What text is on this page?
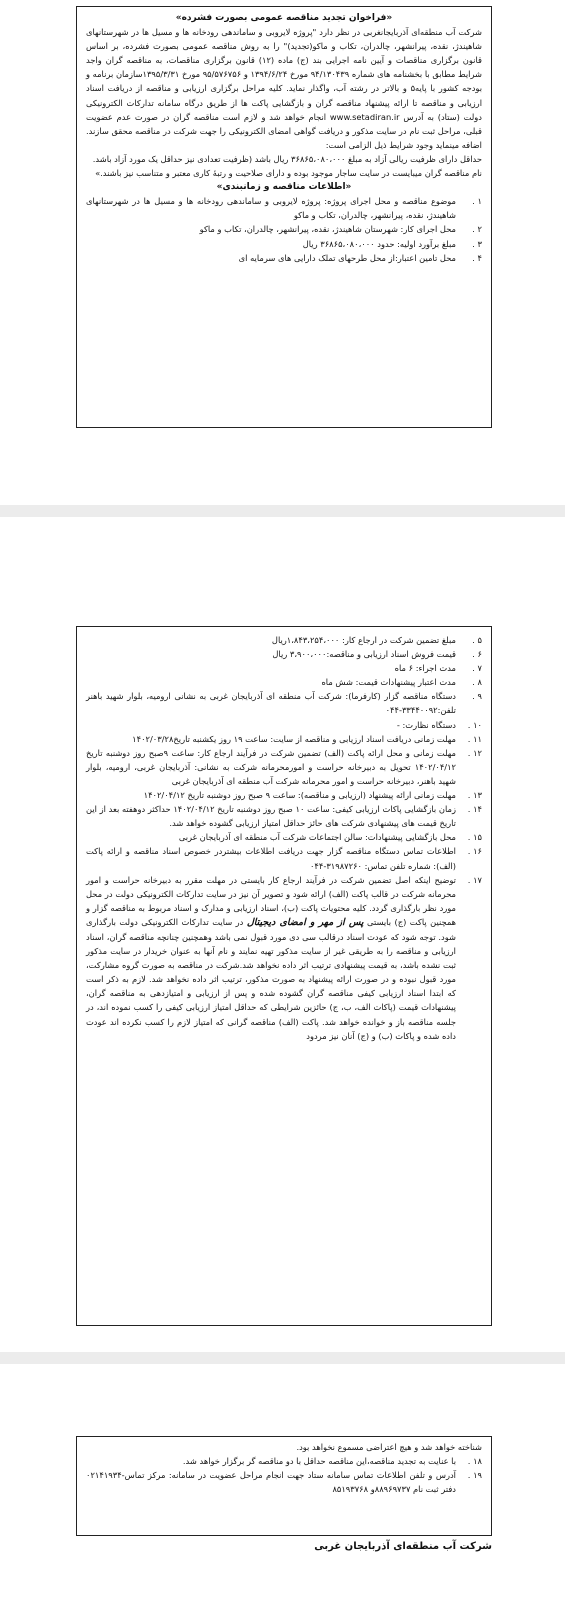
«فراخوان تجدید مناقصه عمومی بصورت فشرده»

شرکت آب منطقه‌ای آذربایجانغربی در نظر دارد "پروژه لایروبی و ساماندهی رودخانه ها و مسیل ها در شهرستانهای شاهیندژ، نقده، پیرانشهر، چالدران، تکاب و ماکو(تجدید)" را به روش مناقصه عمومی بصورت فشرده، بر اساس قانون برگزاری مناقصات و آیین نامه اجرایی بند (ج) ماده (۱۲) قانون برگزاری مناقصات، به مناقصه گران واجد شرایط مطابق با بخشنامه های شماره ۹۴/۱۳۰۴۳۹ مورخ ۱۳۹۴/۶/۲۴ و ۹۵/۵۷۶۷۵۶ مورخ ۱۳۹۵/۳/۳۱سازمان برنامه و بودجه کشور با پایه۵ و بالاتر در رشته آب، واگذار نماید. کلیه مراحل برگزاری ارزیابی و مناقصه از دریافت اسناد ارزیابی و مناقصه تا ارائه پیشنهاد مناقصه گران و بازگشایی پاکت ها از طریق درگاه سامانه تدارکات الکترونیکی دولت (ستاد) به آدرس www.setadiran.ir انجام خواهد شد و لازم است مناقصه گران در صورت عدم عضویت قبلی، مراحل ثبت نام در سایت مذکور و دریافت گواهی امضای الکترونیکی را جهت شرکت در مناقصه محقق سازند. اضافه مینماید وجود شرایط ذیل الزامی است:

حداقل دارای ظرفیت ریالی آزاد به مبلغ ۳۶۸۶۵،۰۸۰،۰۰۰ ریال باشد (ظرفیت تعدادی نیز حداقل یک مورد آزاد باشد.

نام مناقصه گران میبایست در سایت ساجار موجود بوده و دارای صلاحیت و رتبهٔ کاری معتبر و متناسب نیز باشند.»

«اطلاعات مناقصه و زمانبندی»

۱ .
موضوع مناقصه و محل اجرای پروژه: پروژه لایروبی و ساماندهی رودخانه ها و مسیل ها در شهرستانهای شاهیندژ، نقده، پیرانشهر، چالدران، تکاب و ماکو
۲ .
محل اجرای کار: شهرستان شاهیندژ، نقده، پیرانشهر، چالدران، تکاب و ماکو
۳ .
مبلغ برآورد اولیه: حدود ۳۶۸۶۵،۰۸۰،۰۰۰ ریال
۴ .
محل تامین اعتبار:از محل طرحهای تملک دارایی های سرمایه ای
۵ .
مبلغ تضمین شرکت در ارجاع کار: ۱،۸۴۳،۲۵۴،۰۰۰ریال
۶ .
قیمت فروش اسناد ارزیابی و مناقصه:۳،۹۰۰،۰۰۰ ریال
۷ .
مدت اجراء: ۶ ماه
۸ .
مدت اعتبار پیشنهادات قیمت: شش ماه
۹ .
دستگاه مناقصه گزار (کارفرما): شرکت آب منطقه ای آذربایجان غربی به نشانی ارومیه، بلوار شهید باهنر تلفن:۳۳۴۴۰۰۹۲-۰۴۴
۱۰ .
دستگاه نظارت: -
۱۱ .
مهلت زمانی دریافت اسناد ارزیابی و مناقصه از سایت: ساعت ۱۹ روز یکشنبه تاریخ۱۴۰۲/۰۳/۲۸
۱۲ .
مهلت زمانی و محل ارائه پاکت (الف) تضمین شرکت در فرآیند ارجاع کار: ساعت ۹صبح روز دوشنبه تاریخ ۱۴۰۲/۰۴/۱۲ تحویل به دبیرخانه حراست و امورمحرمانه شرکت به نشانی: آذربایجان غربی، ارومیه، بلوار شهید باهنر، دبیرخانه حراست و امور محرمانه شرکت آب منطقه ای آذربایجان غربی
۱۳ .
مهلت زمانی ارائه پیشنهاد (ارزیابی و مناقصه): ساعت ۹ صبح روز دوشنبه تاریخ ۱۴۰۲/۰۴/۱۲
۱۴ .
زمان بازگشایی پاکات ارزیابی کیفی: ساعت ۱۰ صبح روز دوشنبه تاریخ ۱۴۰۲/۰۴/۱۲ حداکثر دوهفته بعد از این تاریخ قیمت های پیشنهادی شرکت های حائز حداقل امتیاز ارزیابی گشوده خواهد شد.
۱۵ .
محل بازگشایی پیشنهادات: سالن اجتماعات شرکت آب منطقه ای آذربایجان غربی
۱۶ .
اطلاعات تماس دستگاه مناقصه گزار جهت دریافت اطلاعات بیشتردر خصوص اسناد مناقصه و ارائه پاکت (الف): شماره تلفن تماس: ۳۱۹۸۷۲۶۰-۰۴۴
۱۷ .
توضیح اینکه اصل تضمین شرکت در فرآیند ارجاع کار بایستی در مهلت مقرر به دبیرخانه حراست و امور محرمانه شرکت در قالب پاکت (الف) ارائه شود و تصویر آن نیز در سایت تدارکات الکترونیکی دولت در محل مورد نظر بارگذاری گردد. کلیه محتویات پاکت (ب)، اسناد ارزیابی و مدارک و اسناد مربوط به مناقصه گزار و همچنین پاکت (ج) بایستی پس از مهر و امضای دیجیتال در سایت تدارکات الکترونیکی دولت بارگذاری شود. توجه شود که عودت اسناد درقالب سی دی مورد قبول نمی باشد وهمچنین چنانچه مناقصه گران، اسناد ارزیابی و مناقصه را به طریقی غیر از سایت مذکور تهیه نمایند و نام آنها به عنوان خریدار در سایت مذکور ثبت نشده باشد، به قیمت پیشنهادی ترتیب اثر داده نخواهد شد.شرکت در مناقصه به صورت گروه مشارکت، مورد قبول نبوده و در صورت ارائه پیشنهاد به صورت مذکور، ترتیب اثر داده نخواهد شد. لازم به ذکر است که ابتدا اسناد ارزیابی کیفی مناقصه گران گشوده شده و پس از ارزیابی و امتیازدهی به مناقصه گران، پیشنهادات قیمت (پاکات الف، ب، ج) حائزین شرایطی که حداقل امتیاز ارزیابی کیفی را کسب نموده اند، در جلسه مناقصه باز و خوانده خواهد شد. پاکت (الف) مناقصه گرانی که امتیاز لازم را کسب نکرده اند عودت داده شده و پاکات (ب) و (ج) آنان نیز مردود

شناخته خواهد شد و هیچ اعتراضی مسموع نخواهد بود.

۱۸ .
با عنایت به تجدید مناقصه،این مناقصه حداقل با دو مناقصه گر برگزار خواهد شد.
۱۹ .
آدرس و تلفن اطلاعات تماس سامانه ستاد جهت انجام مراحل عضویت در سامانه: مرکز تماس-۰۲۱۴۱۹۳۴ دفتر ثبت نام ۸۸۹۶۹۷۳۷و ۸۵۱۹۳۷۶۸

شرکت آب منطقه‌ای آذربایجان غربی
